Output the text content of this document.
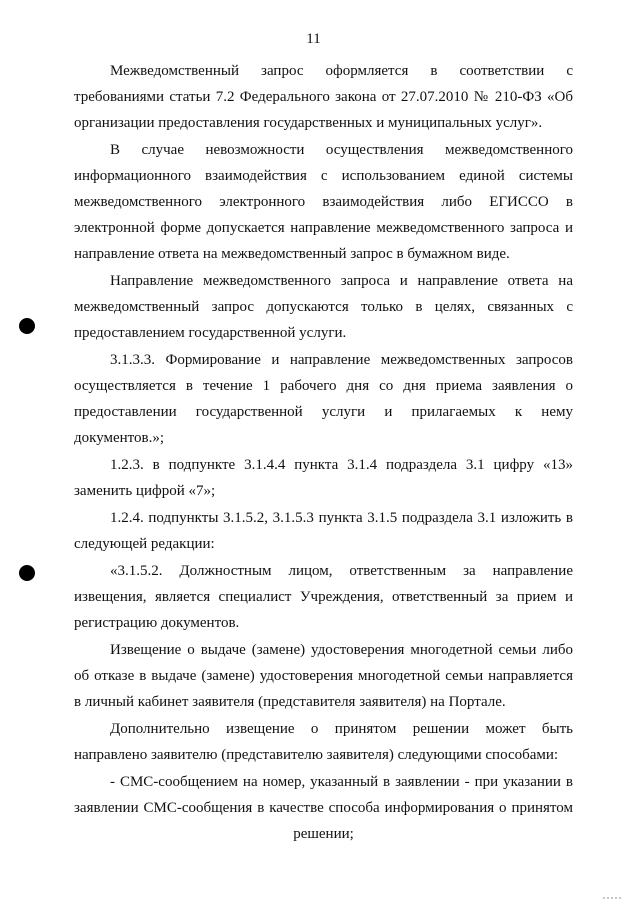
11
Межведомственный запрос оформляется в соответствии с
требованиями статьи 7.2 Федерального закона от 27.07.2010 № 210-ФЗ «Об
организации предоставления государственных и муниципальных услуг».
В случае невозможности осуществления межведомственного
информационного взаимодействия с использованием единой системы
межведомственного электронного взаимодействия либо ЕГИССО в
электронной форме допускается направление межведомственного запроса и
направление ответа на межведомственный запрос в бумажном виде.
Направление межведомственного запроса и направление ответа на
межведомственный запрос допускаются только в целях, связанных с
предоставлением государственной услуги.
3.1.3.3. Формирование и направление межведомственных запросов
осуществляется в течение 1 рабочего дня со дня приема заявления о
предоставлении государственной услуги и прилагаемых к нему
документов.»;
1.2.3. в подпункте 3.1.4.4 пункта 3.1.4 подраздела 3.1 цифру «13»
заменить цифрой «7»;
1.2.4. подпункты 3.1.5.2, 3.1.5.3 пункта 3.1.5 подраздела 3.1 изложить в
следующей редакции:
«3.1.5.2. Должностным лицом, ответственным за направление
извещения, является специалист Учреждения, ответственный за прием и
регистрацию документов.
Извещение о выдаче (замене) удостоверения многодетной семьи либо
об отказе в выдаче (замене) удостоверения многодетной семьи направляется
в личный кабинет заявителя (представителя заявителя) на Портале.
Дополнительно извещение о принятом решении может быть
направлено заявителю (представителю заявителя) следующими способами:
- СМС-сообщением на номер, указанный в заявлении - при указании в
заявлении СМС-сообщения в качестве способа информирования о принятом
решении;
